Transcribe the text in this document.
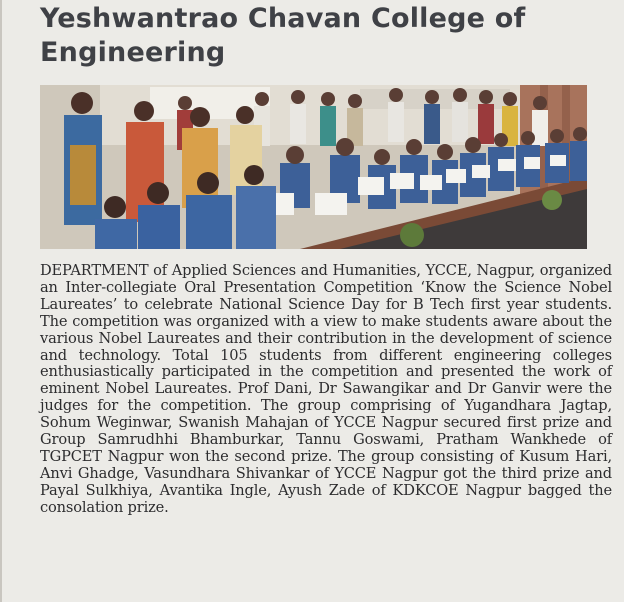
Yeshwantrao Chavan College of Engineering

DEPARTMENT of Applied Sciences and Humanities, YCCE, Nagpur, organized an Inter-collegiate Oral Presentation Competition ‘Know the Science Nobel Laureates’ to celebrate National Science Day for B Tech first year students. The competition was organized with a view to make students aware about the various Nobel Laureates and their contribution in the development of science and technology. Total 105 students from different engineering colleges enthusiastically participated in the competition and presented the work of eminent Nobel Laureates. Prof Dani, Dr Sawangikar and Dr Ganvir were the judges for the competition. The group comprising of Yugandhara Jagtap, Sohum Weginwar, Swanish Mahajan of YCCE Nagpur secured first prize and Group Samrudhhi Bhamburkar, Tannu Goswami, Pratham Wankhede of TGPCET Nagpur won the second prize. The group consisting of Kusum Hari, Anvi Ghadge, Vasundhara Shivankar of YCCE Nagpur got the third prize and Payal Sulkhiya, Avantika Ingle, Ayush Zade of KDKCOE Nagpur bagged the consolation prize.
